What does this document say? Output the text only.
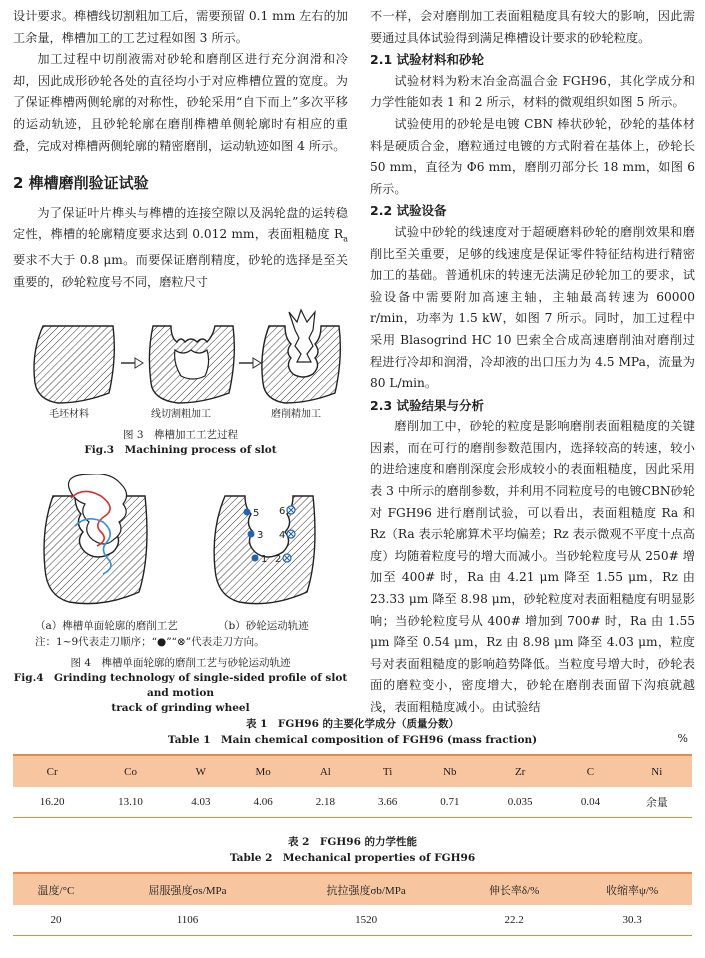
设计要求。榫槽线切割粗加工后，需要预留 0.1 mm 左右的加工余量，榫槽加工的工艺过程如图 3 所示。

加工过程中切削液需对砂轮和磨削区进行充分润滑和冷却，因此成形砂轮各处的直径均小于对应榫槽位置的宽度。为了保证榫槽两侧轮廓的对称性，砂轮采用“自下而上”多次平移的运动轨迹，且砂轮轮廓在磨削榫槽单侧轮廓时有相应的重叠，完成对榫槽两侧轮廓的精密磨削，运动轨迹如图 4 所示。

2 榫槽磨削验证试验

为了保证叶片榫头与榫槽的连接空隙以及涡轮盘的运转稳定性，榫槽的轮廓精度要求达到 0.012 mm，表面粗糙度 $R_a$ 要求不大于 0.8 μm。而要保证磨削精度，砂轮的选择是至关重要的，砂轮粒度号不同，磨粒尺寸

毛坯材料	线切割粗加工	磨削精加工
图 3　榫槽加工工艺过程
Fig.3　Machining process of slot
5
3
1
6
4
2
（a）榫槽单面轮廓的磨削工艺	（b）砂轮运动轨迹
注：1~9代表走刀顺序；“●”“⊗”代表走刀方向。
图 4　榫槽单面轮廓的磨削工艺与砂轮运动轨迹
Fig.4　Grinding technology of single-sided profile of slot and motion
track of grinding wheel

不一样，会对磨削加工表面粗糙度具有较大的影响，因此需要通过具体试验得到满足榫槽设计要求的砂轮粒度。

2.1 试验材料和砂轮

试验材料为粉末冶金高温合金 FGH96，其化学成分和力学性能如表 1 和 2 所示，材料的微观组织如图 5 所示。

试验使用的砂轮是电镀 CBN 棒状砂轮，砂轮的基体材料是硬质合金，磨粒通过电镀的方式附着在基体上，砂轮长 50 mm，直径为 Φ6 mm，磨削刃部分长 18 mm，如图 6 所示。

2.2 试验设备

试验中砂轮的线速度对于超硬磨料砂轮的磨削效果和磨削比至关重要，足够的线速度是保证零件特征结构进行精密加工的基础。普通机床的转速无法满足砂轮加工的要求，试验设备中需要附加高速主轴，主轴最高转速为 60000 r/min，功率为 1.5 kW，如图 7 所示。同时，加工过程中采用 Blasogrind HC 10 巴索全合成高速磨削油对磨削过程进行冷却和润滑，冷却液的出口压力为 4.5 MPa，流量为 80 L/min。

2.3 试验结果与分析

磨削加工中，砂轮的粒度是影响磨削表面粗糙度的关键因素，而在可行的磨削参数范围内，选择较高的转速，较小的进给速度和磨削深度会形成较小的表面粗糙度，因此采用表 3 中所示的磨削参数，并利用不同粒度号的电镀CBN砂轮对 FGH96 进行磨削试验，可以看出，表面粗糙度 Ra 和 Rz（Ra 表示轮廓算术平均偏差；Rz 表示微观不平度十点高度）均随着粒度号的增大而减小。当砂轮粒度号从 250# 增加至 400# 时，Ra 由 4.21 μm 降至 1.55 μm，Rz 由 23.33 μm 降至 8.98 μm，砂轮粒度对表面粗糙度有明显影响；当砂轮粒度号从 400# 增加到 700# 时，Ra 由 1.55 μm 降至 0.54 μm，Rz 由 8.98 μm 降至 4.03 μm，粒度号对表面粗糙度的影响趋势降低。当粒度号增大时，砂轮表面的磨粒变小，密度增大，砂轮在磨削表面留下沟痕就越浅，表面粗糙度减小。由试验结

表 1　FGH96 的主要化学成分（质量分数）
Table 1　Main chemical composition of FGH96 (mass fraction)	%
Cr	Co	W	Mo	Al	Ti	Nb	Zr	C	Ni
16.20	13.10	4.03	4.06	2.18	3.66	0.71	0.035	0.04	余量
表 2　FGH96 的力学性能
Table 2　Mechanical properties of FGH96
温度/°C	屈服强度σs/MPa	抗拉强度σb/MPa	伸长率δ/%	收缩率ψ/%
20	1106	1520	22.2	30.3
